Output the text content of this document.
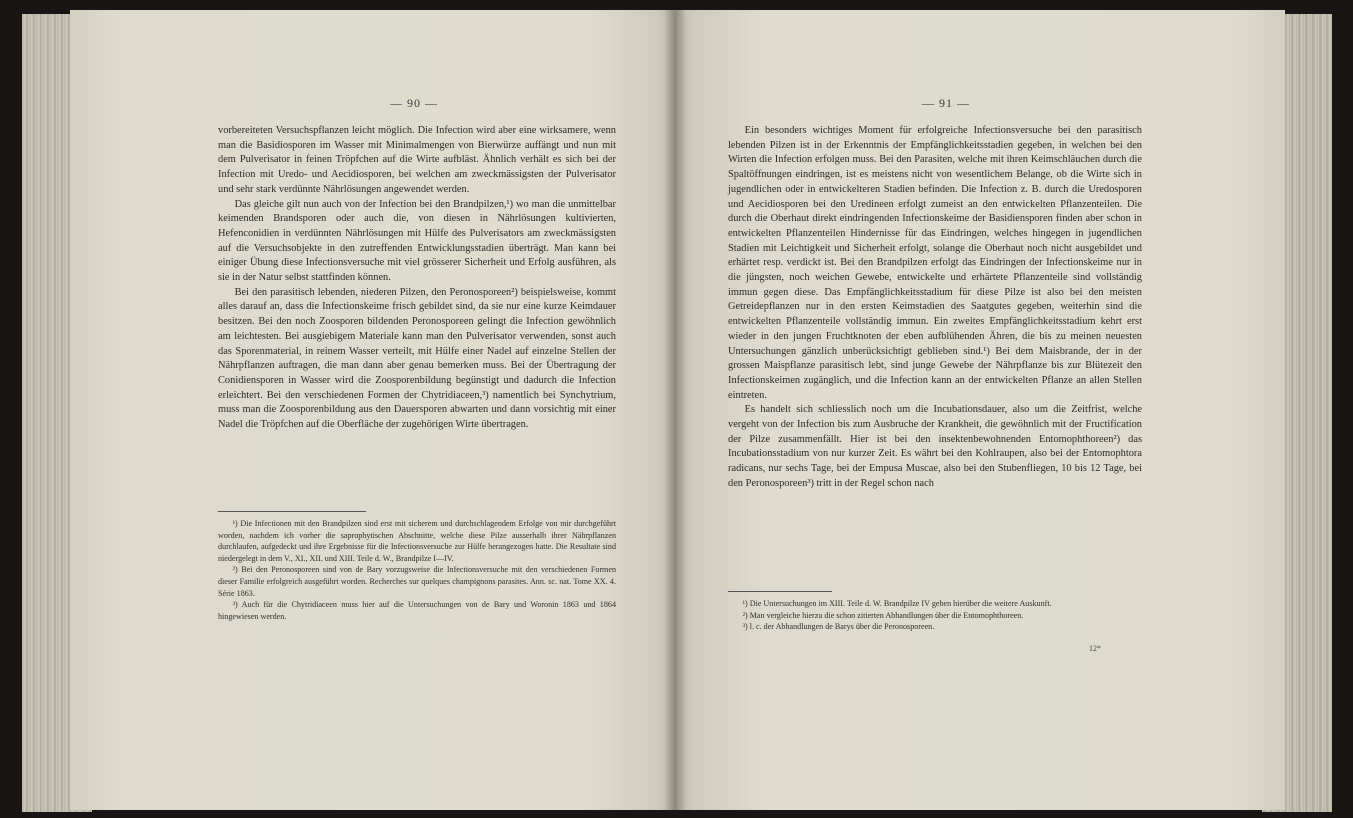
— 90 —

vorbereiteten Versuchspflanzen leicht möglich. Die Infection wird aber eine wirksamere, wenn man die Basidiosporen im Wasser mit Minimalmengen von Bierwürze auffängt und nun mit dem Pulverisator in feinen Tröpfchen auf die Wirte aufbläst. Ähnlich verhält es sich bei der Infection mit Uredo- und Aecidiosporen, bei welchen am zweckmässigsten der Pulverisator und sehr stark verdünnte Nährlösungen angewendet werden.

Das gleiche gilt nun auch von der Infection bei den Brandpilzen,¹) wo man die unmittelbar keimenden Brandsporen oder auch die, von diesen in Nährlösungen kultivierten, Hefenconidien in verdünnten Nährlösungen mit Hülfe des Pulverisators am zweckmässigsten auf die Versuchsobjekte in den zutreffenden Entwicklungsstadien überträgt. Man kann bei einiger Übung diese Infectionsversuche mit viel grösserer Sicherheit und Erfolg ausführen, als sie in der Natur selbst stattfinden können.

Bei den parasitisch lebenden, niederen Pilzen, den Peronosporeen²) beispielsweise, kommt alles darauf an, dass die Infectionskeime frisch gebildet sind, da sie nur eine kurze Keimdauer besitzen. Bei den noch Zoosporen bildenden Peronosporeen gelingt die Infection gewöhnlich am leichtesten. Bei ausgiebigem Materiale kann man den Pulverisator verwenden, sonst auch das Sporenmaterial, in reinem Wasser verteilt, mit Hülfe einer Nadel auf einzelne Stellen der Nährpflanzen auftragen, die man dann aber genau bemerken muss. Bei der Übertragung der Conidiensporen in Wasser wird die Zoosporenbildung begünstigt und dadurch die Infection erleichtert. Bei den verschiedenen Formen der Chytridiaceen,³) namentlich bei Synchytrium, muss man die Zoosporenbildung aus den Dauersporen abwarten und dann vorsichtig mit einer Nadel die Tröpfchen auf die Oberfläche der zugehörigen Wirte übertragen.

¹) Die Infectionen mit den Brandpilzen sind erst mit sicherem und durchschlagendem Erfolge von mir durchgeführt worden, nachdem ich vorher die saprophytischen Abschnitte, welche diese Pilze ausserhalb ihrer Nährpflanzen durchlaufen, aufgedeckt und ihre Ergebnisse für die Infectionsversuche zur Hülfe herangezogen hatte. Die Resultate sind niedergelegt in dem V., XI., XII. und XIII. Teile d. W., Brandpilze I—IV.

²) Bei den Peronosporeen sind von de Bary vorzugsweise die Infectionsversuche mit den verschiedenen Formen dieser Familie erfolgreich ausgeführt worden. Recherches sur quelques champignons parasites. Ann. sc. nat. Tome XX. 4. Série 1863.

³) Auch für die Chytridiaceen muss hier auf die Untersuchungen von de Bary und Woronin 1863 und 1864 hingewiesen werden.

— 91 —

Ein besonders wichtiges Moment für erfolgreiche Infectionsversuche bei den parasitisch lebenden Pilzen ist in der Erkenntnis der Empfänglichkeitsstadien gegeben, in welchen bei den Wirten die Infection erfolgen muss. Bei den Parasiten, welche mit ihren Keimschläuchen durch die Spaltöffnungen eindringen, ist es meistens nicht von wesentlichem Belange, ob die Wirte sich in jugendlichen oder in entwickelteren Stadien befinden. Die Infection z. B. durch die Uredosporen und Aecidiosporen bei den Uredineen erfolgt zumeist an den entwickelten Pflanzenteilen. Die durch die Oberhaut direkt eindringenden Infectionskeime der Basidiensporen finden aber schon in entwickelten Pflanzenteilen Hindernisse für das Eindringen, welches hingegen in jugendlichen Stadien mit Leichtigkeit und Sicherheit erfolgt, solange die Oberhaut noch nicht ausgebildet und erhärtet resp. verdickt ist. Bei den Brandpilzen erfolgt das Eindringen der Infectionskeime nur in die jüngsten, noch weichen Gewebe, entwickelte und erhärtete Pflanzenteile sind vollständig immun gegen diese. Das Empfänglichkeitsstadium für diese Pilze ist also bei den meisten Getreidepflanzen nur in den ersten Keimstadien des Saatgutes gegeben, weiterhin sind die entwickelten Pflanzenteile vollständig immun. Ein zweites Empfänglichkeitsstadium kehrt erst wieder in den jungen Fruchtknoten der eben aufblühenden Ähren, die bis zu meinen neuesten Untersuchungen gänzlich unberücksichtigt geblieben sind.¹) Bei dem Maisbrande, der in der grossen Maispflanze parasitisch lebt, sind junge Gewebe der Nährpflanze bis zur Blütezeit den Infectionskeimen zugänglich, und die Infection kann an der entwickelten Pflanze an allen Stellen eintreten.

Es handelt sich schliesslich noch um die Incubationsdauer, also um die Zeitfrist, welche vergeht von der Infection bis zum Ausbruche der Krankheit, die gewöhnlich mit der Fructification der Pilze zusammenfällt. Hier ist bei den insektenbewohnenden Entomophthoreen²) das Incubationsstadium von nur kurzer Zeit. Es währt bei den Kohlraupen, also bei der Entomophtora radicans, nur sechs Tage, bei der Empusa Muscae, also bei den Stubenfliegen, 10 bis 12 Tage, bei den Peronosporeen³) tritt in der Regel schon nach

¹) Die Untersuchungen im XIII. Teile d. W. Brandpilze IV geben hierüber die weitere Auskunft.

²) Man vergleiche hierzu die schon zitierten Abhandlungen über die Entomophthoreen.

³) l. c. der Abhandlungen de Barys über die Peronosporeen.

12*
